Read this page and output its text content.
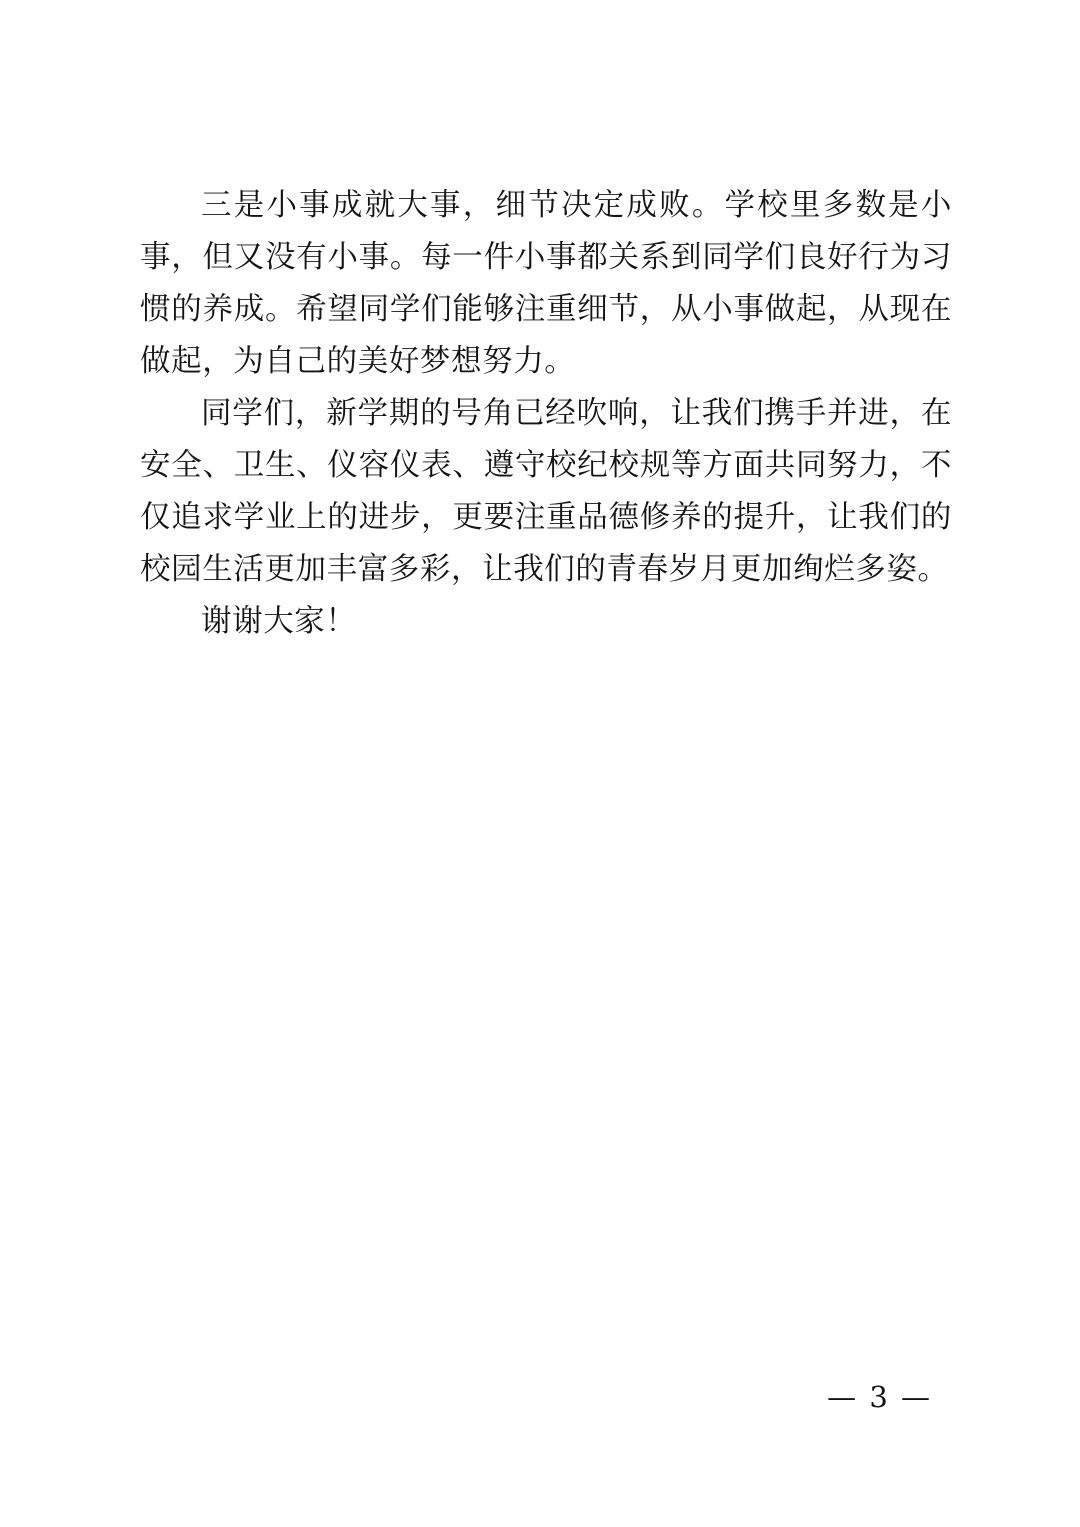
三是小事成就大事，细节决定成败。学校里多数是小事，但又没有小事。每一件小事都关系到同学们良好行为习惯的养成。希望同学们能够注重细节，从小事做起，从现在做起，为自己的美好梦想努力。

同学们，新学期的号角已经吹响，让我们携手并进，在安全、卫生、仪容仪表、遵守校纪校规等方面共同努力，不仅追求学业上的进步，更要注重品德修养的提升，让我们的校园生活更加丰富多彩，让我们的青春岁月更加绚烂多姿。

谢谢大家！

— 3 —
